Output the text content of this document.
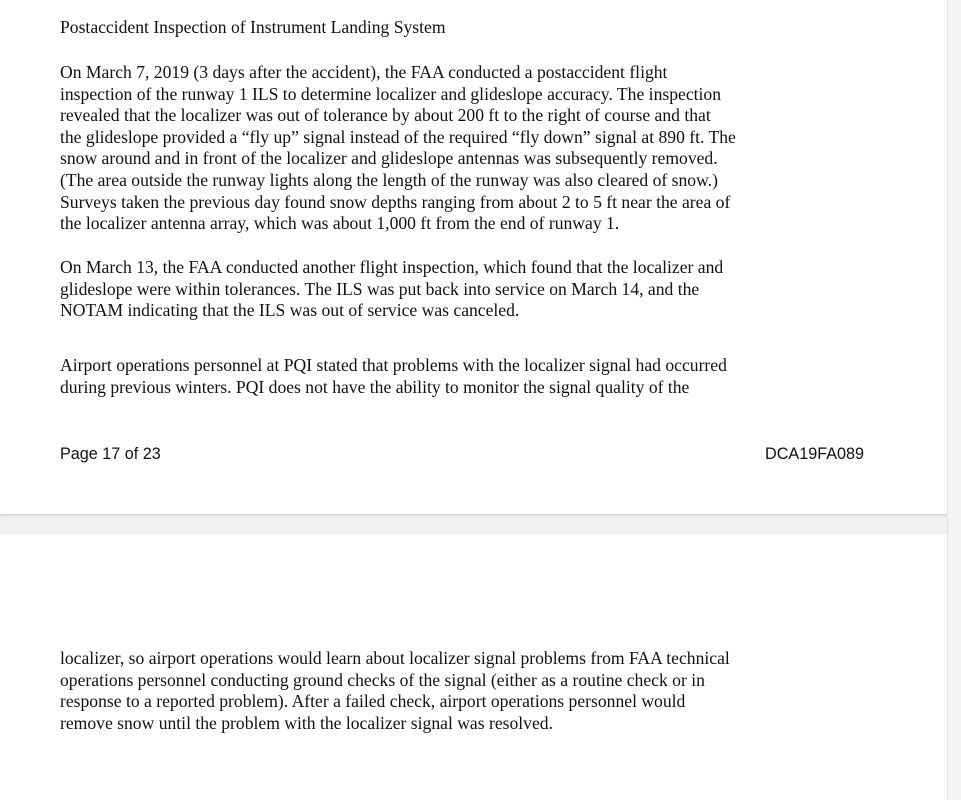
Postaccident Inspection of Instrument Landing System

On March 7, 2019 (3 days after the accident), the FAA conducted a postaccident flight
inspection of the runway 1 ILS to determine localizer and glideslope accuracy. The inspection
revealed that the localizer was out of tolerance by about 200 ft to the right of course and that
the glideslope provided a “fly up” signal instead of the required “fly down” signal at 890 ft. The
snow around and in front of the localizer and glideslope antennas was subsequently removed.
(The area outside the runway lights along the length of the runway was also cleared of snow.)
Surveys taken the previous day found snow depths ranging from about 2 to 5 ft near the area of
the localizer antenna array, which was about 1,000 ft from the end of runway 1.

On March 13, the FAA conducted another flight inspection, which found that the localizer and
glideslope were within tolerances. The ILS was put back into service on March 14, and the
NOTAM indicating that the ILS was out of service was canceled.

Airport operations personnel at PQI stated that problems with the localizer signal had occurred
during previous winters. PQI does not have the ability to monitor the signal quality of the

Page 17 of 23	DCA19FA089

localizer, so airport operations would learn about localizer signal problems from FAA technical
operations personnel conducting ground checks of the signal (either as a routine check or in
response to a reported problem). After a failed check, airport operations personnel would
remove snow until the problem with the localizer signal was resolved.
